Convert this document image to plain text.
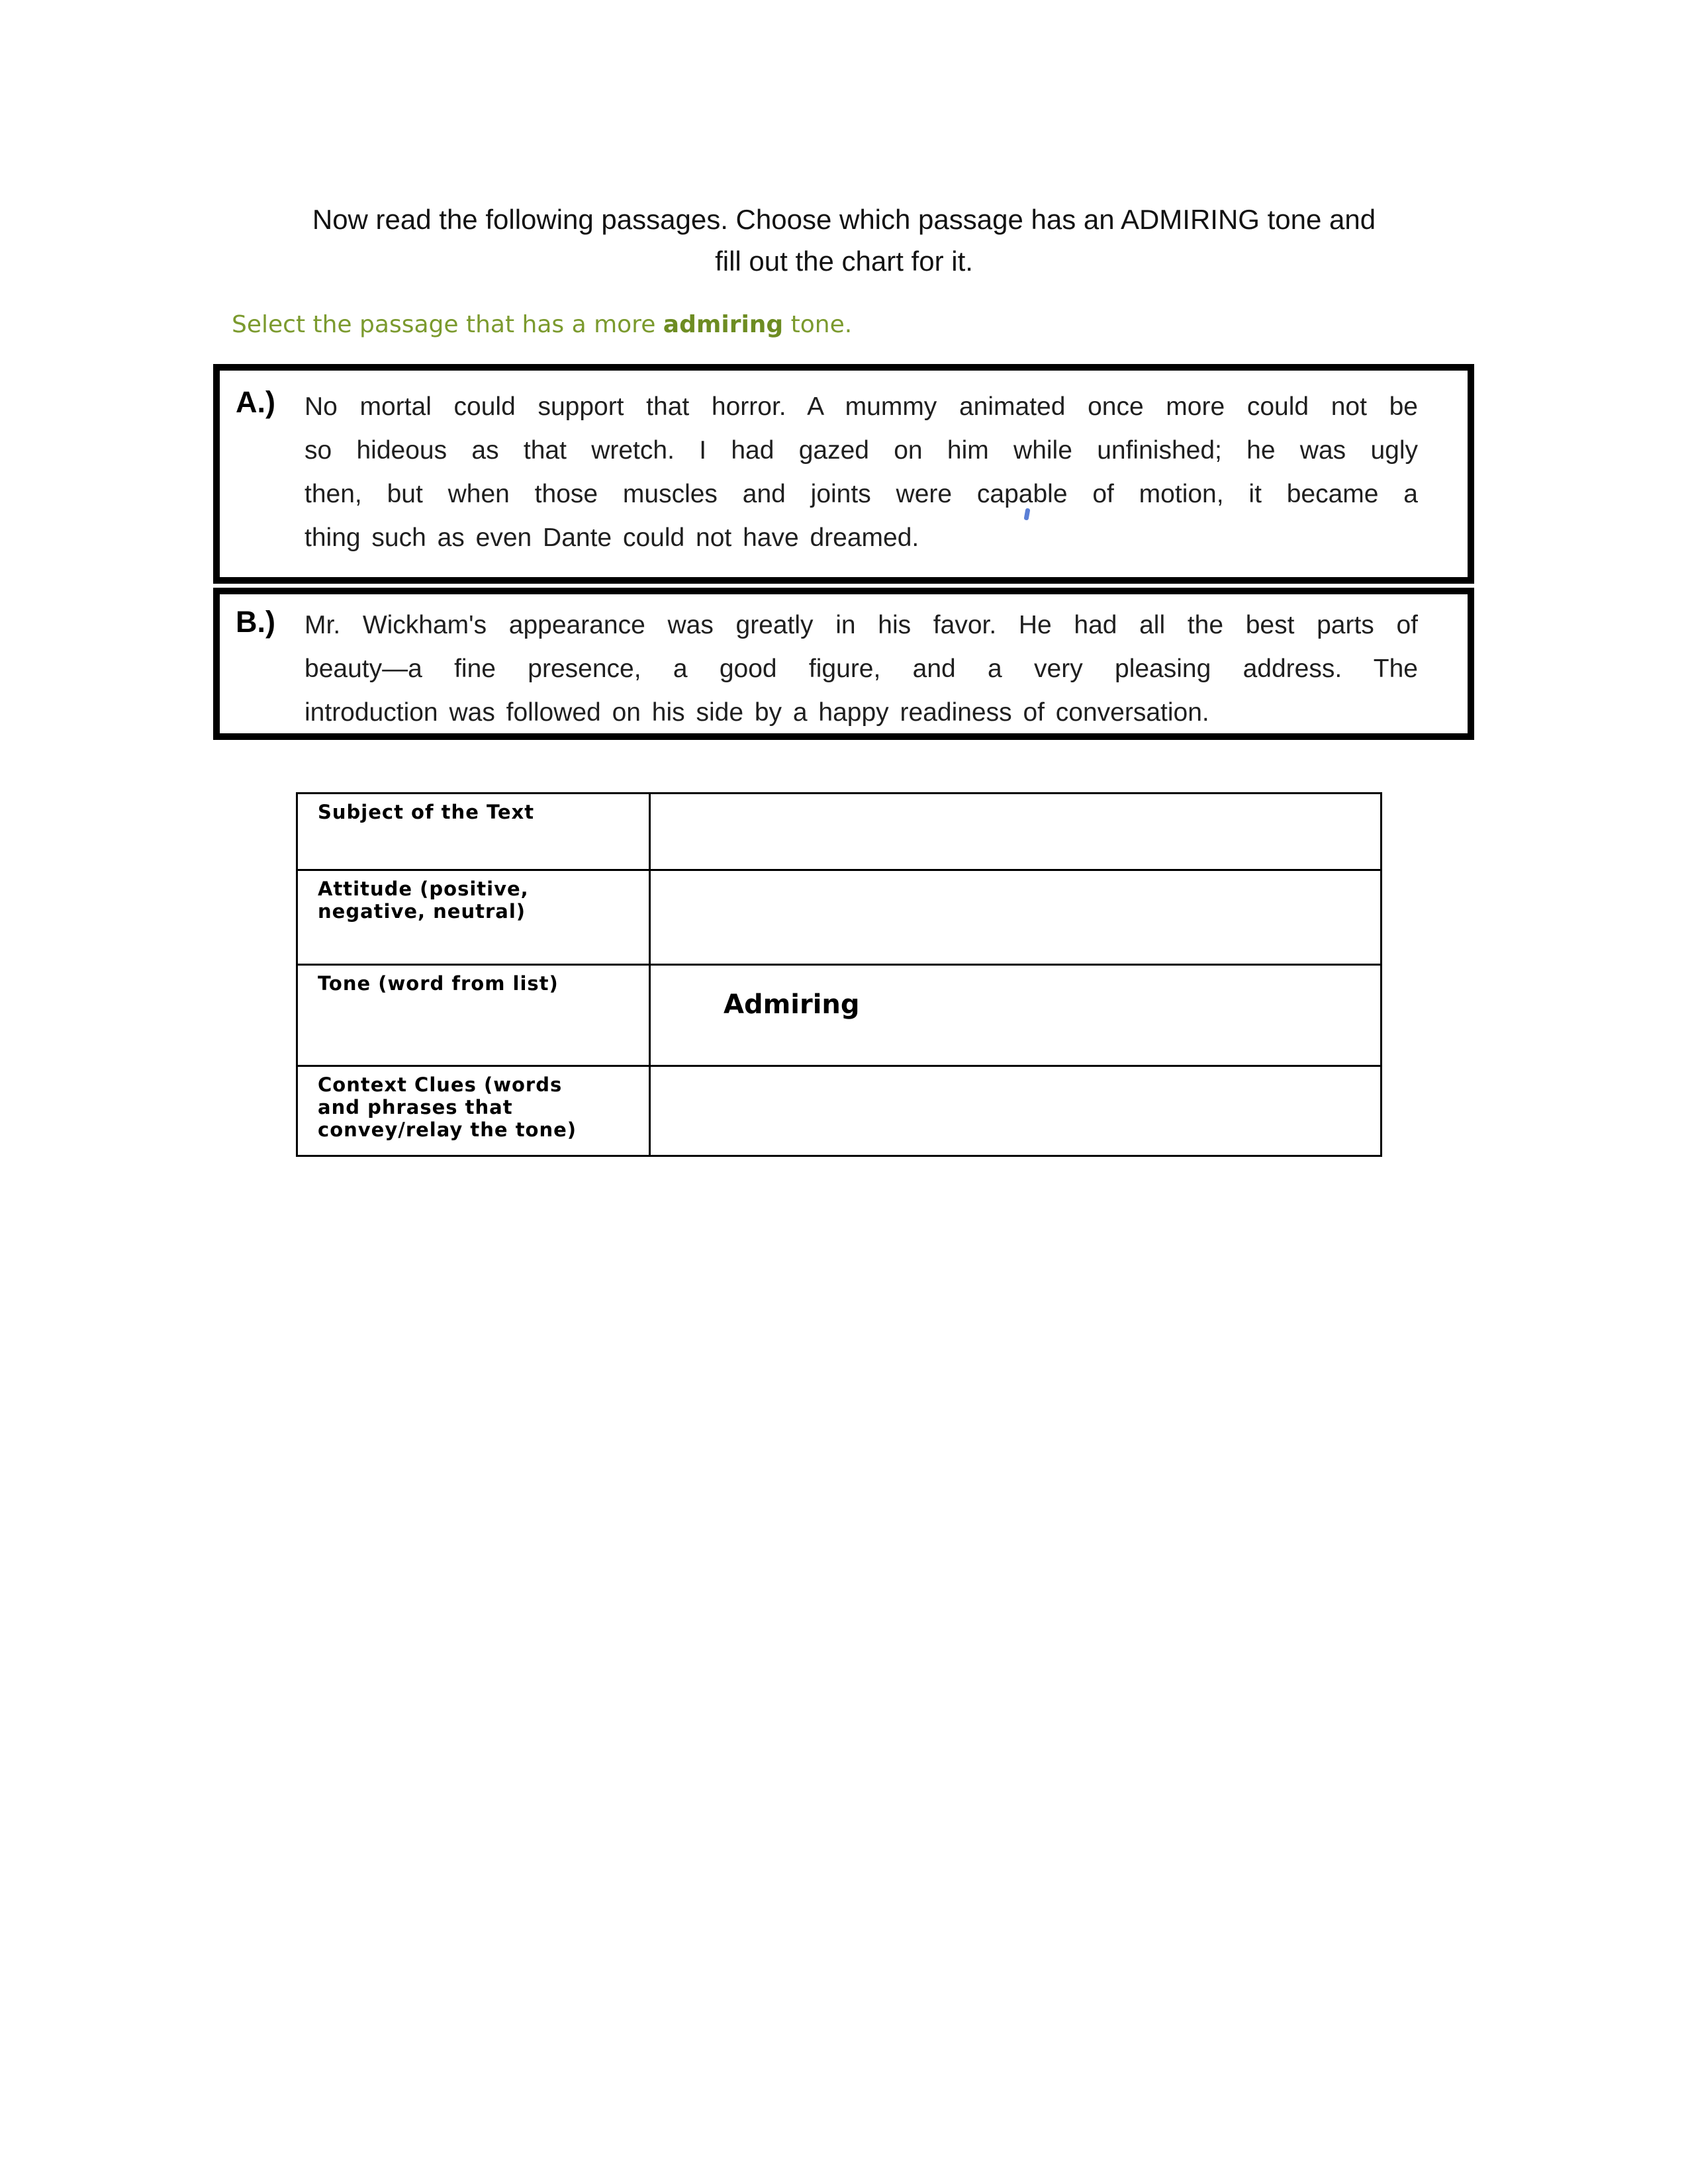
Now read the following passages. Choose which passage has an ADMIRING tone and
fill out the chart for it.
Select the passage that has a more admiring tone.
A.) No mortal could support that horror. A mummy animated once more could not be
so hideous as that wretch. I had gazed on him while unfinished; he was ugly
then, but when those muscles and joints were capable of motion, it became a
thing such as even Dante could not have dreamed.
B.) Mr. Wickham's appearance was greatly in his favor. He had all the best parts of
beauty—a fine presence, a good figure, and a very pleasing address. The
introduction was followed on his side by a happy readiness of conversation.
Subject of the Text	

Attitude (positive,
negative, neutral)	

Tone (word from list)	Admiring

Context Clues (words
and phrases that
convey/relay the tone)	
